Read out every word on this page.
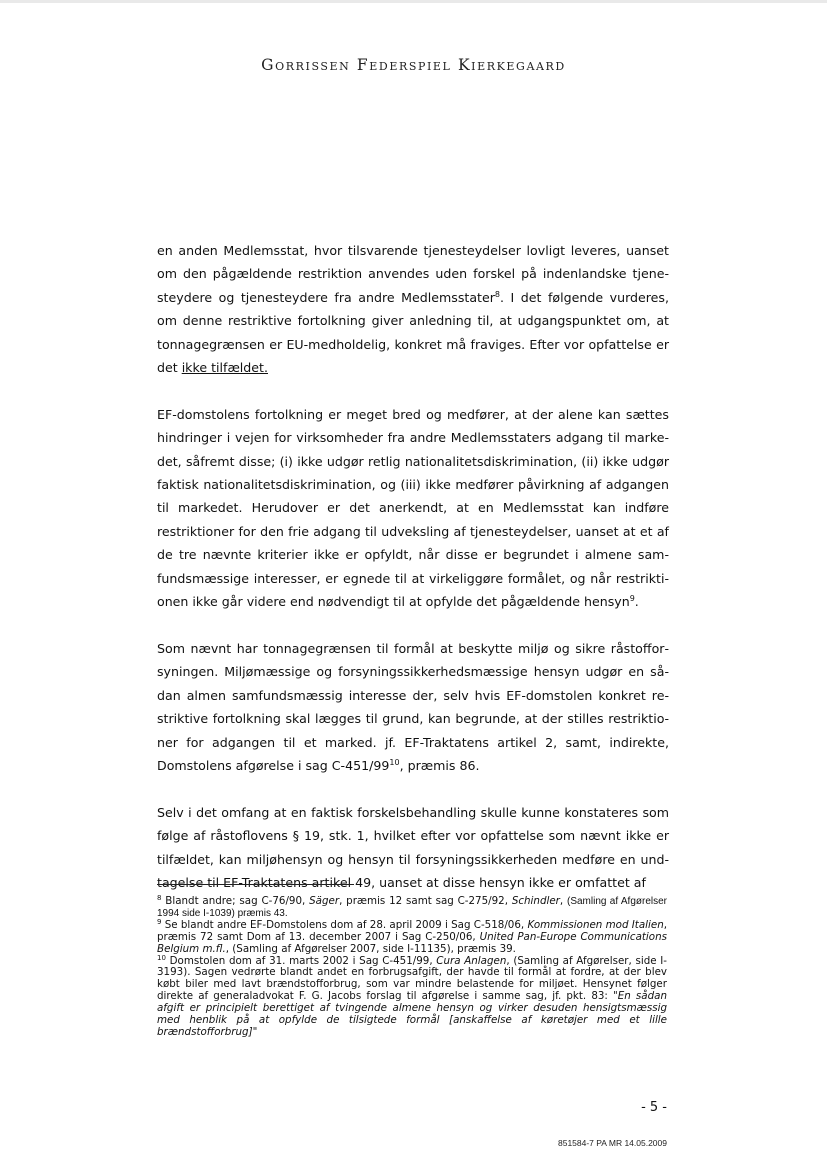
Gorrissen Federspiel Kierkegaard

en anden Medlemsstat, hvor tilsvarende tjenesteydelser lovligt leveres, uanset om den pågældende restriktion anvendes uden forskel på indenlandske tjenesteydere og tjenesteydere fra andre Medlemsstater$^8$. I det følgende vurderes, om denne restriktive fortolkning giver anledning til, at udgangspunktet om, at tonnagegrænsen er EU-medholdelig, konkret må fraviges. Efter vor opfattelse er det ikke tilfældet.

EF-domstolens fortolkning er meget bred og medfører, at der alene kan sættes hindringer i vejen for virksomheder fra andre Medlemsstaters adgang til markedet, såfremt disse; (i) ikke udgør retlig nationalitetsdiskrimination, (ii) ikke udgør faktisk nationalitetsdiskrimination, og (iii) ikke medfører påvirkning af adgangen til markedet. Herudover er det anerkendt, at en Medlemsstat kan indføre restriktioner for den frie adgang til udveksling af tjenesteydelser, uanset at et af de tre nævnte kriterier ikke er opfyldt, når disse er begrundet i almene samfundsmæssige interesser, er egnede til at virkeliggøre formålet, og når restriktionen ikke går videre end nødvendigt til at opfylde det pågældende hensyn$^9$.

Som nævnt har tonnagegrænsen til formål at beskytte miljø og sikre råstofforsyningen. Miljømæssige og forsyningssikkerhedsmæssige hensyn udgør en sådan almen samfundsmæssig interesse der, selv hvis EF-domstolen konkret restriktive fortolkning skal lægges til grund, kan begrunde, at der stilles restriktioner for adgangen til et marked. jf. EF-Traktatens artikel 2, samt, indirekte, Domstolens afgørelse i sag $C-451/99^{10}$, præmis 86.

Selv i det omfang at en faktisk forskelsbehandling skulle kunne konstateres som følge af råstoflovens § 19, stk. 1, hvilket efter vor opfattelse som nævnt ikke er tilfældet, kan miljøhensyn og hensyn til forsyningssikkerheden medføre en undtagelse til EF-Traktatens artikel 49, uanset at disse hensyn ikke er omfattet af

$^8$ Blandt andre; sag C-76/90, Säger, præmis 12 samt sag C-275/92, Schindler, (Samling af Afgørelser 1994 side I-1039) præmis 43.

$^9$ Se blandt andre EF-Domstolens dom af 28. april 2009 i Sag C-518/06, Kommissionen mod Italien, præmis 72 samt Dom af 13. december 2007 i Sag C-250/06, United Pan-Europe Communications Belgium m.fl., (Samling af Afgørelser 2007, side I-11135), præmis 39.

$^{10}$ Domstolen dom af 31. marts 2002 i Sag C-451/99, Cura Anlagen, (Samling af Afgørelser, side I-3193). Sagen vedrørte blandt andet en forbrugsafgift, der havde til formål at fordre, at der blev købt biler med lavt brændstofforbrug, som var mindre belastende for miljøet. Hensynet følger direkte af generaladvokat F. G. Jacobs forslag til afgørelse i samme sag, jf. pkt. 83: "En sådan afgift er principielt berettiget af tvingende almene hensyn og virker desuden hensigtsmæssig med henblik på at opfylde de tilsigtede formål [anskaffelse af køretøjer med et lille brændstofforbrug]"

- 5 -
851584-7 PA MR 14.05.2009
